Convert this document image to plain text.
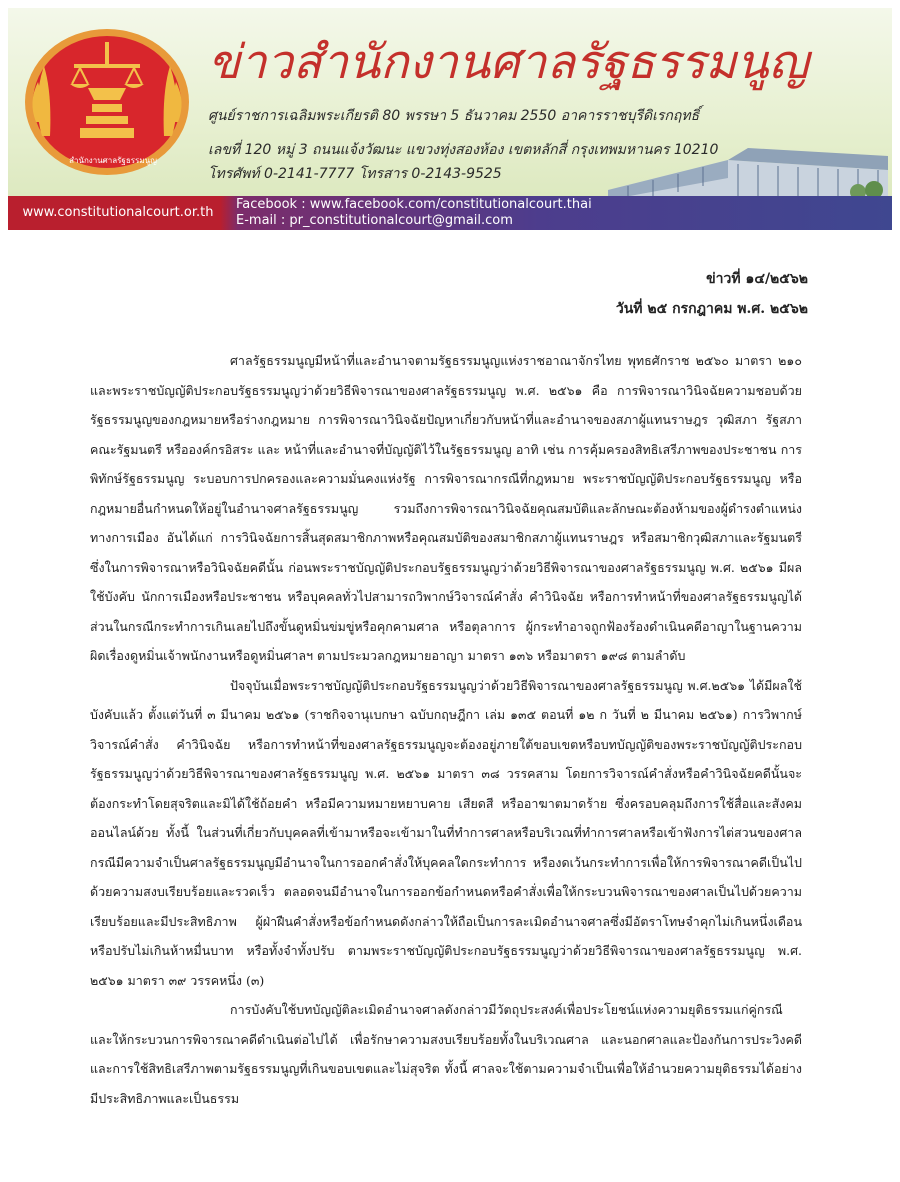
สำนักงานศาลรัฐธรรมนูญ
ข่าวสำนักงานศาลรัฐธรรมนูญ
ศูนย์ราชการเฉลิมพระเกียรติ 80 พรรษา 5 ธันวาคม 2550 อาคารราชบุรีดิเรกฤทธิ์
เลขที่ 120 หมู่ 3 ถนนแจ้งวัฒนะ แขวงทุ่งสองห้อง เขตหลักสี่ กรุงเทพมหานคร 10210
โทรศัพท์ 0-2141-7777 โทรสาร 0-2143-9525
www.constitutionalcourt.or.th
Facebook : www.facebook.com/constitutionalcourt.thai
E-mail : pr_constitutionalcourt@gmail.com
ข่าวที่ ๑๔/๒๕๖๒
วันที่ ๒๕ กรกฎาคม พ.ศ. ๒๕๖๒

ศาลรัฐธรรมนูญมีหน้าที่และอำนาจตามรัฐธรรมนูญแห่งราชอาณาจักรไทย พุทธศักราช ๒๕๖๐ มาตรา ๒๑๐ และพระราชบัญญัติประกอบรัฐธรรมนูญว่าด้วยวิธีพิจารณาของศาลรัฐธรรมนูญ พ.ศ. ๒๕๖๑ คือ การพิจารณาวินิจฉัยความชอบด้วยรัฐธรรมนูญของกฎหมายหรือร่างกฎหมาย การพิจารณาวินิจฉัยปัญหาเกี่ยวกับหน้าที่และอำนาจของสภาผู้แทนราษฎร วุฒิสภา รัฐสภา คณะรัฐมนตรี หรือองค์กรอิสระ และ หน้าที่และอำนาจที่บัญญัติไว้ในรัฐธรรมนูญ อาทิ เช่น การคุ้มครองสิทธิเสรีภาพของประชาชน การพิทักษ์รัฐธรรมนูญ ระบอบการปกครองและความมั่นคงแห่งรัฐ การพิจารณากรณีที่กฎหมาย พระราชบัญญัติประกอบรัฐธรรมนูญ หรือกฎหมายอื่นกำหนดให้อยู่ในอำนาจศาลรัฐธรรมนูญ รวมถึงการพิจารณาวินิจฉัยคุณสมบัติและลักษณะต้องห้ามของผู้ดำรงตำแหน่งทางการเมือง อันได้แก่ การวินิจฉัยการสิ้นสุดสมาชิกภาพหรือคุณสมบัติของสมาชิกสภาผู้แทนราษฎร หรือสมาชิกวุฒิสภาและรัฐมนตรี ซึ่งในการพิจารณาหรือวินิจฉัยคดีนั้น ก่อนพระราชบัญญัติประกอบรัฐธรรมนูญว่าด้วยวิธีพิจารณาของศาลรัฐธรรมนูญ พ.ศ. ๒๕๖๑ มีผลใช้บังคับ นักการเมืองหรือประชาชน หรือบุคคลทั่วไปสามารถวิพากษ์วิจารณ์คำสั่ง คำวินิจฉัย หรือการทำหน้าที่ของศาลรัฐธรรมนูญได้ ส่วนในกรณีกระทำการเกินเลยไปถึงขั้นดูหมิ่นข่มขู่หรือคุกคามศาล หรือตุลาการ ผู้กระทำอาจถูกฟ้องร้องดำเนินคดีอาญาในฐานความผิดเรื่องดูหมิ่นเจ้าพนักงานหรือดูหมิ่นศาลฯ ตามประมวลกฎหมายอาญา มาตรา ๑๓๖ หรือมาตรา ๑๙๘ ตามลำดับ

ปัจจุบันเมื่อพระราชบัญญัติประกอบรัฐธรรมนูญว่าด้วยวิธีพิจารณาของศาลรัฐธรรมนูญ พ.ศ.๒๕๖๑ ได้มีผลใช้บังคับแล้ว ตั้งแต่วันที่ ๓ มีนาคม ๒๕๖๑ (ราชกิจจานุเบกษา ฉบับกฤษฎีกา เล่ม ๑๓๕ ตอนที่ ๑๒ ก วันที่ ๒ มีนาคม ๒๕๖๑) การวิพากษ์วิจารณ์คำสั่ง คำวินิจฉัย หรือการทำหน้าที่ของศาลรัฐธรรมนูญจะต้องอยู่ภายใต้ขอบเขตหรือบทบัญญัติของพระราชบัญญัติประกอบรัฐธรรมนูญว่าด้วยวิธีพิจารณาของศาลรัฐธรรมนูญ พ.ศ. ๒๕๖๑ มาตรา ๓๘ วรรคสาม โดยการวิจารณ์คำสั่งหรือคำวินิจฉัยคดีนั้นจะต้องกระทำโดยสุจริตและมิได้ใช้ถ้อยคำ หรือมีความหมายหยาบคาย เสียดสี หรืออาฆาตมาดร้าย ซึ่งครอบคลุมถึงการใช้สื่อและสังคมออนไลน์ด้วย ทั้งนี้ ในส่วนที่เกี่ยวกับบุคคลที่เข้ามาหรือจะเข้ามาในที่ทำการศาลหรือบริเวณที่ทำการศาลหรือเข้าฟังการไต่สวนของศาล กรณีมีความจำเป็นศาลรัฐธรรมนูญมีอำนาจในการออกคำสั่งให้บุคคลใดกระทำการ หรืองดเว้นกระทำการเพื่อให้การพิจารณาคดีเป็นไปด้วยความสงบเรียบร้อยและรวดเร็ว ตลอดจนมีอำนาจในการออกข้อกำหนดหรือคำสั่งเพื่อให้กระบวนพิจารณาของศาลเป็นไปด้วยความเรียบร้อยและมีประสิทธิภาพ ผู้ฝ่าฝืนคำสั่งหรือข้อกำหนดดังกล่าวให้ถือเป็นการละเมิดอำนาจศาลซึ่งมีอัตราโทษจำคุกไม่เกินหนึ่งเดือนหรือปรับไม่เกินห้าหมื่นบาท หรือทั้งจำทั้งปรับ ตามพระราชบัญญัติประกอบรัฐธรรมนูญว่าด้วยวิธีพิจารณาของศาลรัฐธรรมนูญ พ.ศ. ๒๕๖๑ มาตรา ๓๙ วรรคหนึ่ง (๓)

การบังคับใช้บทบัญญัติละเมิดอำนาจศาลดังกล่าวมีวัตถุประสงค์เพื่อประโยชน์แห่งความยุติธรรมแก่คู่กรณีและให้กระบวนการพิจารณาคดีดำเนินต่อไปได้ เพื่อรักษาความสงบเรียบร้อยทั้งในบริเวณศาล และนอกศาลและป้องกันการประวิงคดีและการใช้สิทธิเสรีภาพตามรัฐธรรมนูญที่เกินขอบเขตและไม่สุจริต ทั้งนี้ ศาลจะใช้ตามความจำเป็นเพื่อให้อำนวยความยุติธรรมได้อย่างมีประสิทธิภาพและเป็นธรรม
